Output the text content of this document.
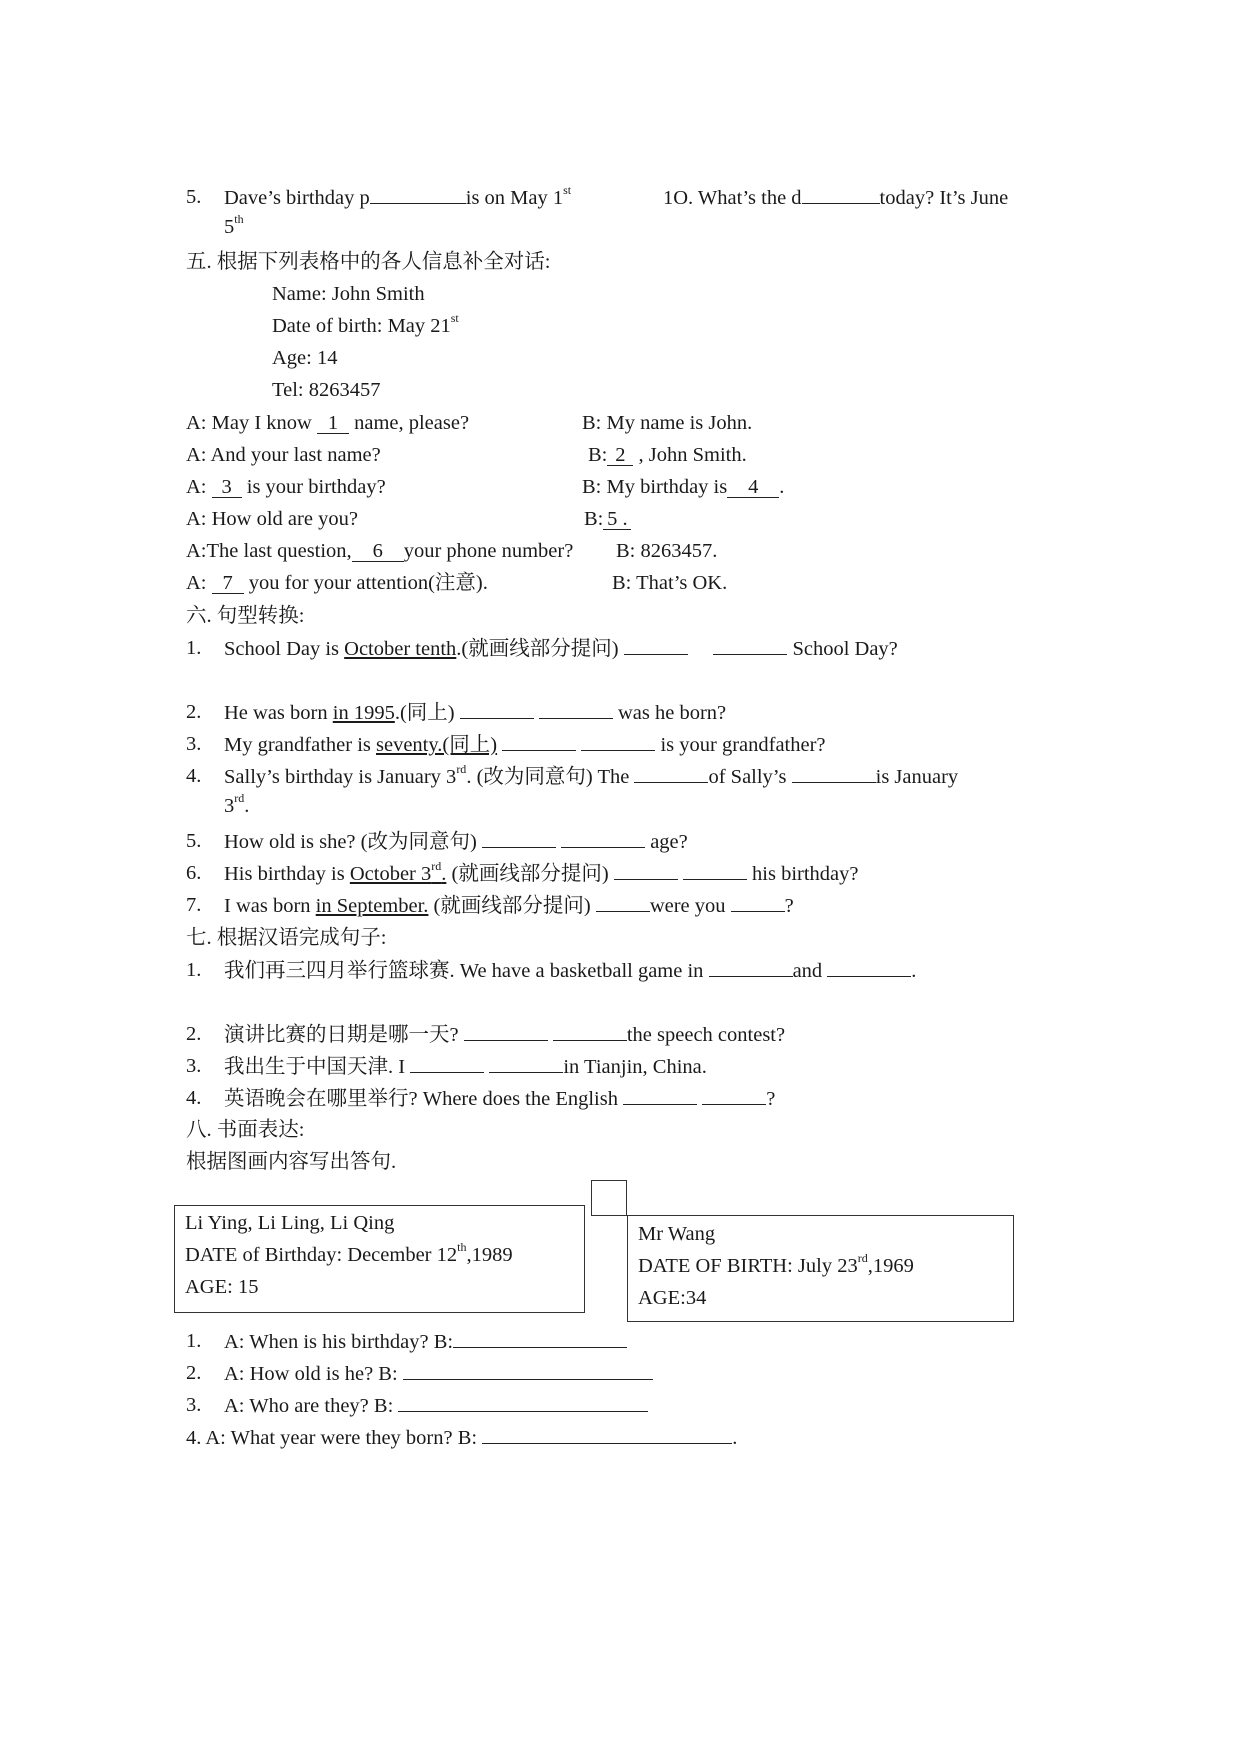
5. Dave’s birthday p	is on May 1st	1O. What’s the d	today? It’s June
5th
五. 根据下列表格中的各人信息补全对话:
Name: John Smith
Date of birth: May 21st
Age: 14
Tel: 8263457
A: May I know 1 name, please?	B: My name is John.
A: And your last name?	B: 2 , John Smith.
A: 3 is your birthday?	B: My birthday is 4 .
A: How old are you?	B: 5 .
A:The last question, 6 your phone number? B: 8263457.
A: 7 you for your attention(注意).	B: That’s OK.
六. 句型转换:
1. School Day is October tenth.(就画线部分提问)	School Day?
2. He was born in 1995.(同上)	was he born?
3. My grandfather is seventy.(同上)	is your grandfather?
4. Sally’s birthday is January 3rd. (改为同意句) The	of Sally’s	is January
3rd.
5. How old is she? (改为同意句)	age?
6. His birthday is October 3rd. (就画线部分提问)	his birthday?
7. I was born in September. (就画线部分提问)	were you	?
七. 根据汉语完成句子:
1. 我们再三四月举行篮球赛. We have a basketball game in	and	.
2. 演讲比赛的日期是哪一天?	the speech contest?
3. 我出生于中国天津. I	in Tianjin, China.
4. 英语晚会在哪里举行? Where does the English	?
八. 书面表达:
根据图画内容写出答句.
Li Ying, Li Ling, Li Qing
DATE of Birthday: December 12th,1989
AGE: 15
Mr Wang
DATE OF BIRTH: July 23rd,1969
AGE:34
1. A: When is his birthday? B:
2. A: How old is he? B:
3. A: Who are they? B:
4. A: What year were they born? B:	.
